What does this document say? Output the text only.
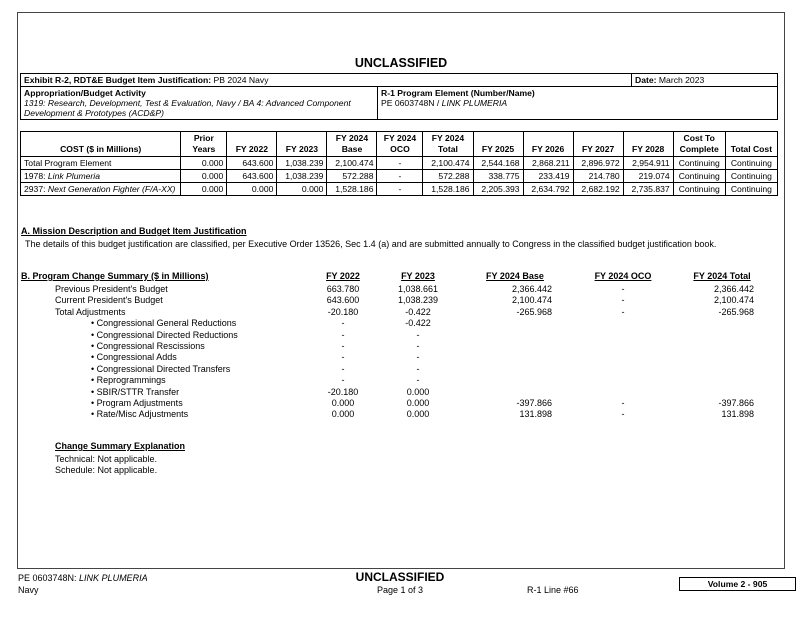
UNCLASSIFIED
Exhibit R-2, RDT&E Budget Item Justification: PB 2024 Navy	Date: March 2023

Appropriation/Budget Activity
1319: Research, Development, Test & Evaluation, Navy / BA 4: Advanced Component Development & Prototypes (ACD&P)

R-1 Program Element (Number/Name)
PE 0603748N / LINK PLUMERIA
COST ($ in Millions)	Prior Years	FY 2022	FY 2023	FY 2024 Base	FY 2024 OCO	FY 2024 Total	FY 2025	FY 2026	FY 2027	FY 2028	Cost To Complete	Total Cost
Total Program Element	0.000	643.600	1,038.239	2,100.474	-	2,100.474	2,544.168	2,868.211	2,896.972	2,954.911	Continuing	Continuing
1978: Link Plumeria	0.000	643.600	1,038.239	572.288	-	572.288	338.775	233.419	214.780	219.074	Continuing	Continuing
2937: Next Generation Fighter (F/A-XX)	0.000	0.000	0.000	1,528.186	-	1,528.186	2,205.393	2,634.792	2,682.192	2,735.837	Continuing	Continuing
A. Mission Description and Budget Item Justification
The details of this budget justification are classified, per Executive Order 13526, Sec 1.4 (a) and are submitted annually to Congress in the classified budget justification book.
B. Program Change Summary ($ in Millions)	FY 2022	FY 2023	FY 2024 Base	FY 2024 OCO	FY 2024 Total
Previous President's Budget	663.780	1,038.661	2,366.442	-	2,366.442
Current President's Budget	643.600	1,038.239	2,100.474	-	2,100.474
Total Adjustments	-20.180	-0.422	-265.968	-	-265.968
• Congressional General Reductions	-	-0.422
• Congressional Directed Reductions	-	-
• Congressional Rescissions	-	-
• Congressional Adds	-	-
• Congressional Directed Transfers	-	-
• Reprogrammings	-	-
• SBIR/STTR Transfer	-20.180	0.000
• Program Adjustments	0.000	0.000	-397.866	-	-397.866
• Rate/Misc Adjustments	0.000	0.000	131.898	-	131.898
Change Summary Explanation
Technical: Not applicable.
Schedule: Not applicable.
PE 0603748N: LINK PLUMERIA
Navy
UNCLASSIFIED
Page 1 of 3	R-1 Line #66
Volume 2 - 905
